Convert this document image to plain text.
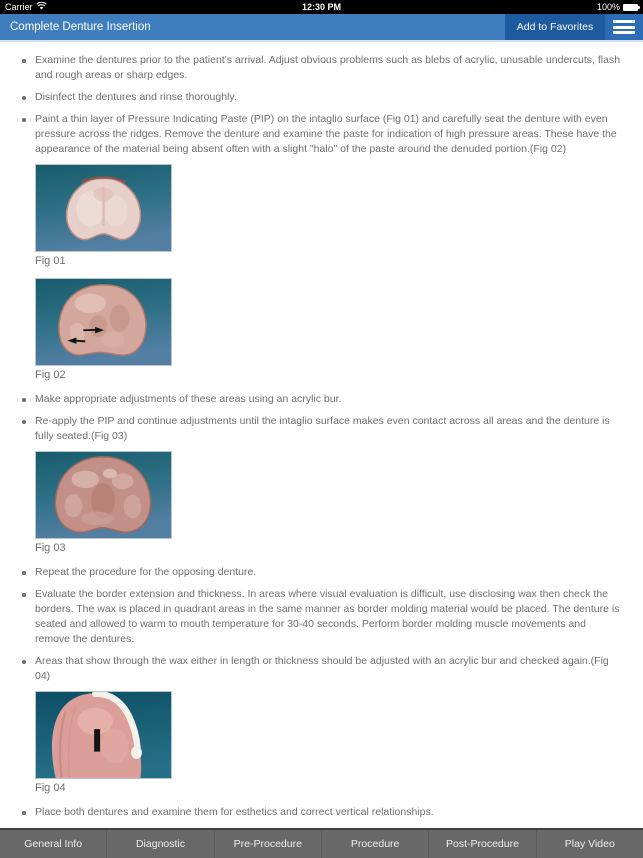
Carrier	12:30 PM	100%
Complete Denture Insertion	Add to Favorites

Examine the dentures prior to the patient's arrival. Adjust obvious problems such as blebs of acrylic, unusable undercuts, flash and rough areas or sharp edges.

Disinfect the dentures and rinse thoroughly.

Paint a thin layer of Pressure Indicating Paste (PIP) on the intaglio surface (Fig 01) and carefully seat the denture with even pressure across the ridges. Remove the denture and examine the paste for indication of high pressure areas. These have the appearance of the material being absent often with a slight "halo" of the paste around the denuded portion.(Fig 02)

Fig 01
Fig 02

Make appropriate adjustments of these areas using an acrylic bur.

Re-apply the PIP and continue adjustments until the intaglio surface makes even contact across all areas and the denture is fully seated.(Fig 03)

Fig 03

Repeat the procedure for the opposing denture.

Evaluate the border extension and thickness. In areas where visual evaluation is difficult, use disclosing wax then check the borders. The wax is placed in quadrant areas in the same manner as border molding material would be placed. The denture is seated and allowed to warm to mouth temperature for 30-40 seconds. Perform border molding muscle movements and remove the dentures.

Areas that show through the wax either in length or thickness should be adjusted with an acrylic bur and checked again.(Fig 04)

Fig 04

Place both dentures and examine them for esthetics and correct vertical relationships.

General Info	Diagnostic	Pre-Procedure	Procedure	Post-Procedure	Play Video
